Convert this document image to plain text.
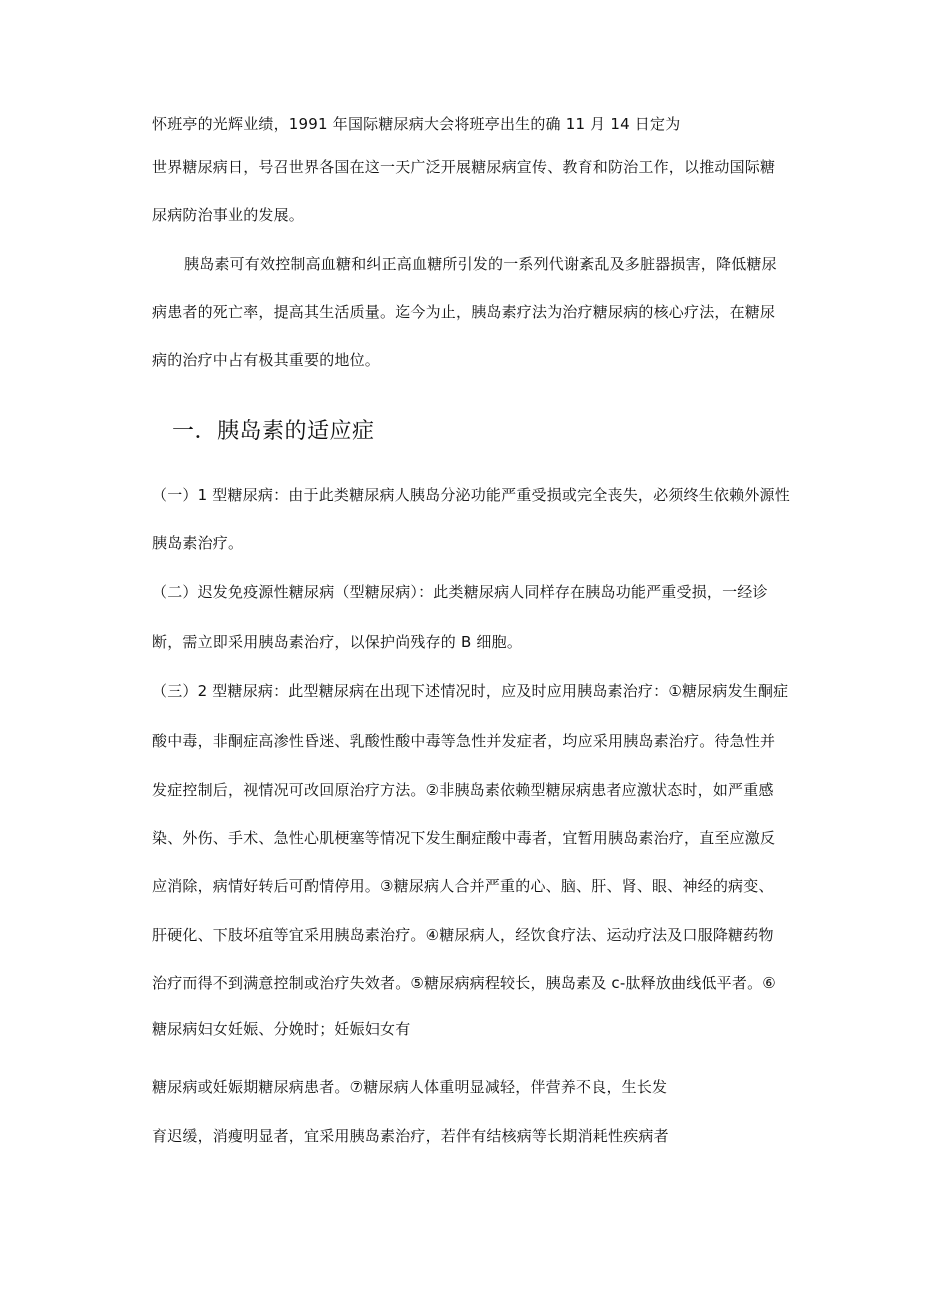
怀班亭的光辉业绩，1991 年国际糖尿病大会将班亭出生的确 11 月 14 日定为
世界糖尿病日，号召世界各国在这一天广泛开展糖尿病宣传、教育和防治工作，以推动国际糖
尿病防治事业的发展。
胰岛素可有效控制高血糖和纠正高血糖所引发的一系列代谢紊乱及多脏器损害，降低糖尿
病患者的死亡率，提高其生活质量。迄今为止，胰岛素疗法为治疗糖尿病的核心疗法，在糖尿
病的治疗中占有极其重要的地位。
一．胰岛素的适应症
（一）1 型糖尿病：由于此类糖尿病人胰岛分泌功能严重受损或完全丧失，必须终生依赖外源性
胰岛素治疗。
（二）迟发免疫源性糖尿病（型糖尿病）：此类糖尿病人同样存在胰岛功能严重受损，一经诊
断，需立即采用胰岛素治疗，以保护尚残存的 B 细胞。
（三）2 型糖尿病：此型糖尿病在出现下述情况时，应及时应用胰岛素治疗：①糖尿病发生酮症
酸中毒，非酮症高渗性昏迷、乳酸性酸中毒等急性并发症者，均应采用胰岛素治疗。待急性并
发症控制后，视情况可改回原治疗方法。②非胰岛素依赖型糖尿病患者应激状态时，如严重感
染、外伤、手术、急性心肌梗塞等情况下发生酮症酸中毒者，宜暂用胰岛素治疗，直至应激反
应消除，病情好转后可酌情停用。③糖尿病人合并严重的心、脑、肝、肾、眼、神经的病变、
肝硬化、下肢坏疽等宜采用胰岛素治疗。④糖尿病人，经饮食疗法、运动疗法及口服降糖药物
治疗而得不到满意控制或治疗失效者。⑤糖尿病病程较长，胰岛素及 c-肽释放曲线低平者。⑥
糖尿病妇女妊娠、分娩时；妊娠妇女有
糖尿病或妊娠期糖尿病患者。⑦糖尿病人体重明显减轻，伴营养不良，生长发
育迟缓，消瘦明显者，宜采用胰岛素治疗，若伴有结核病等长期消耗性疾病者
